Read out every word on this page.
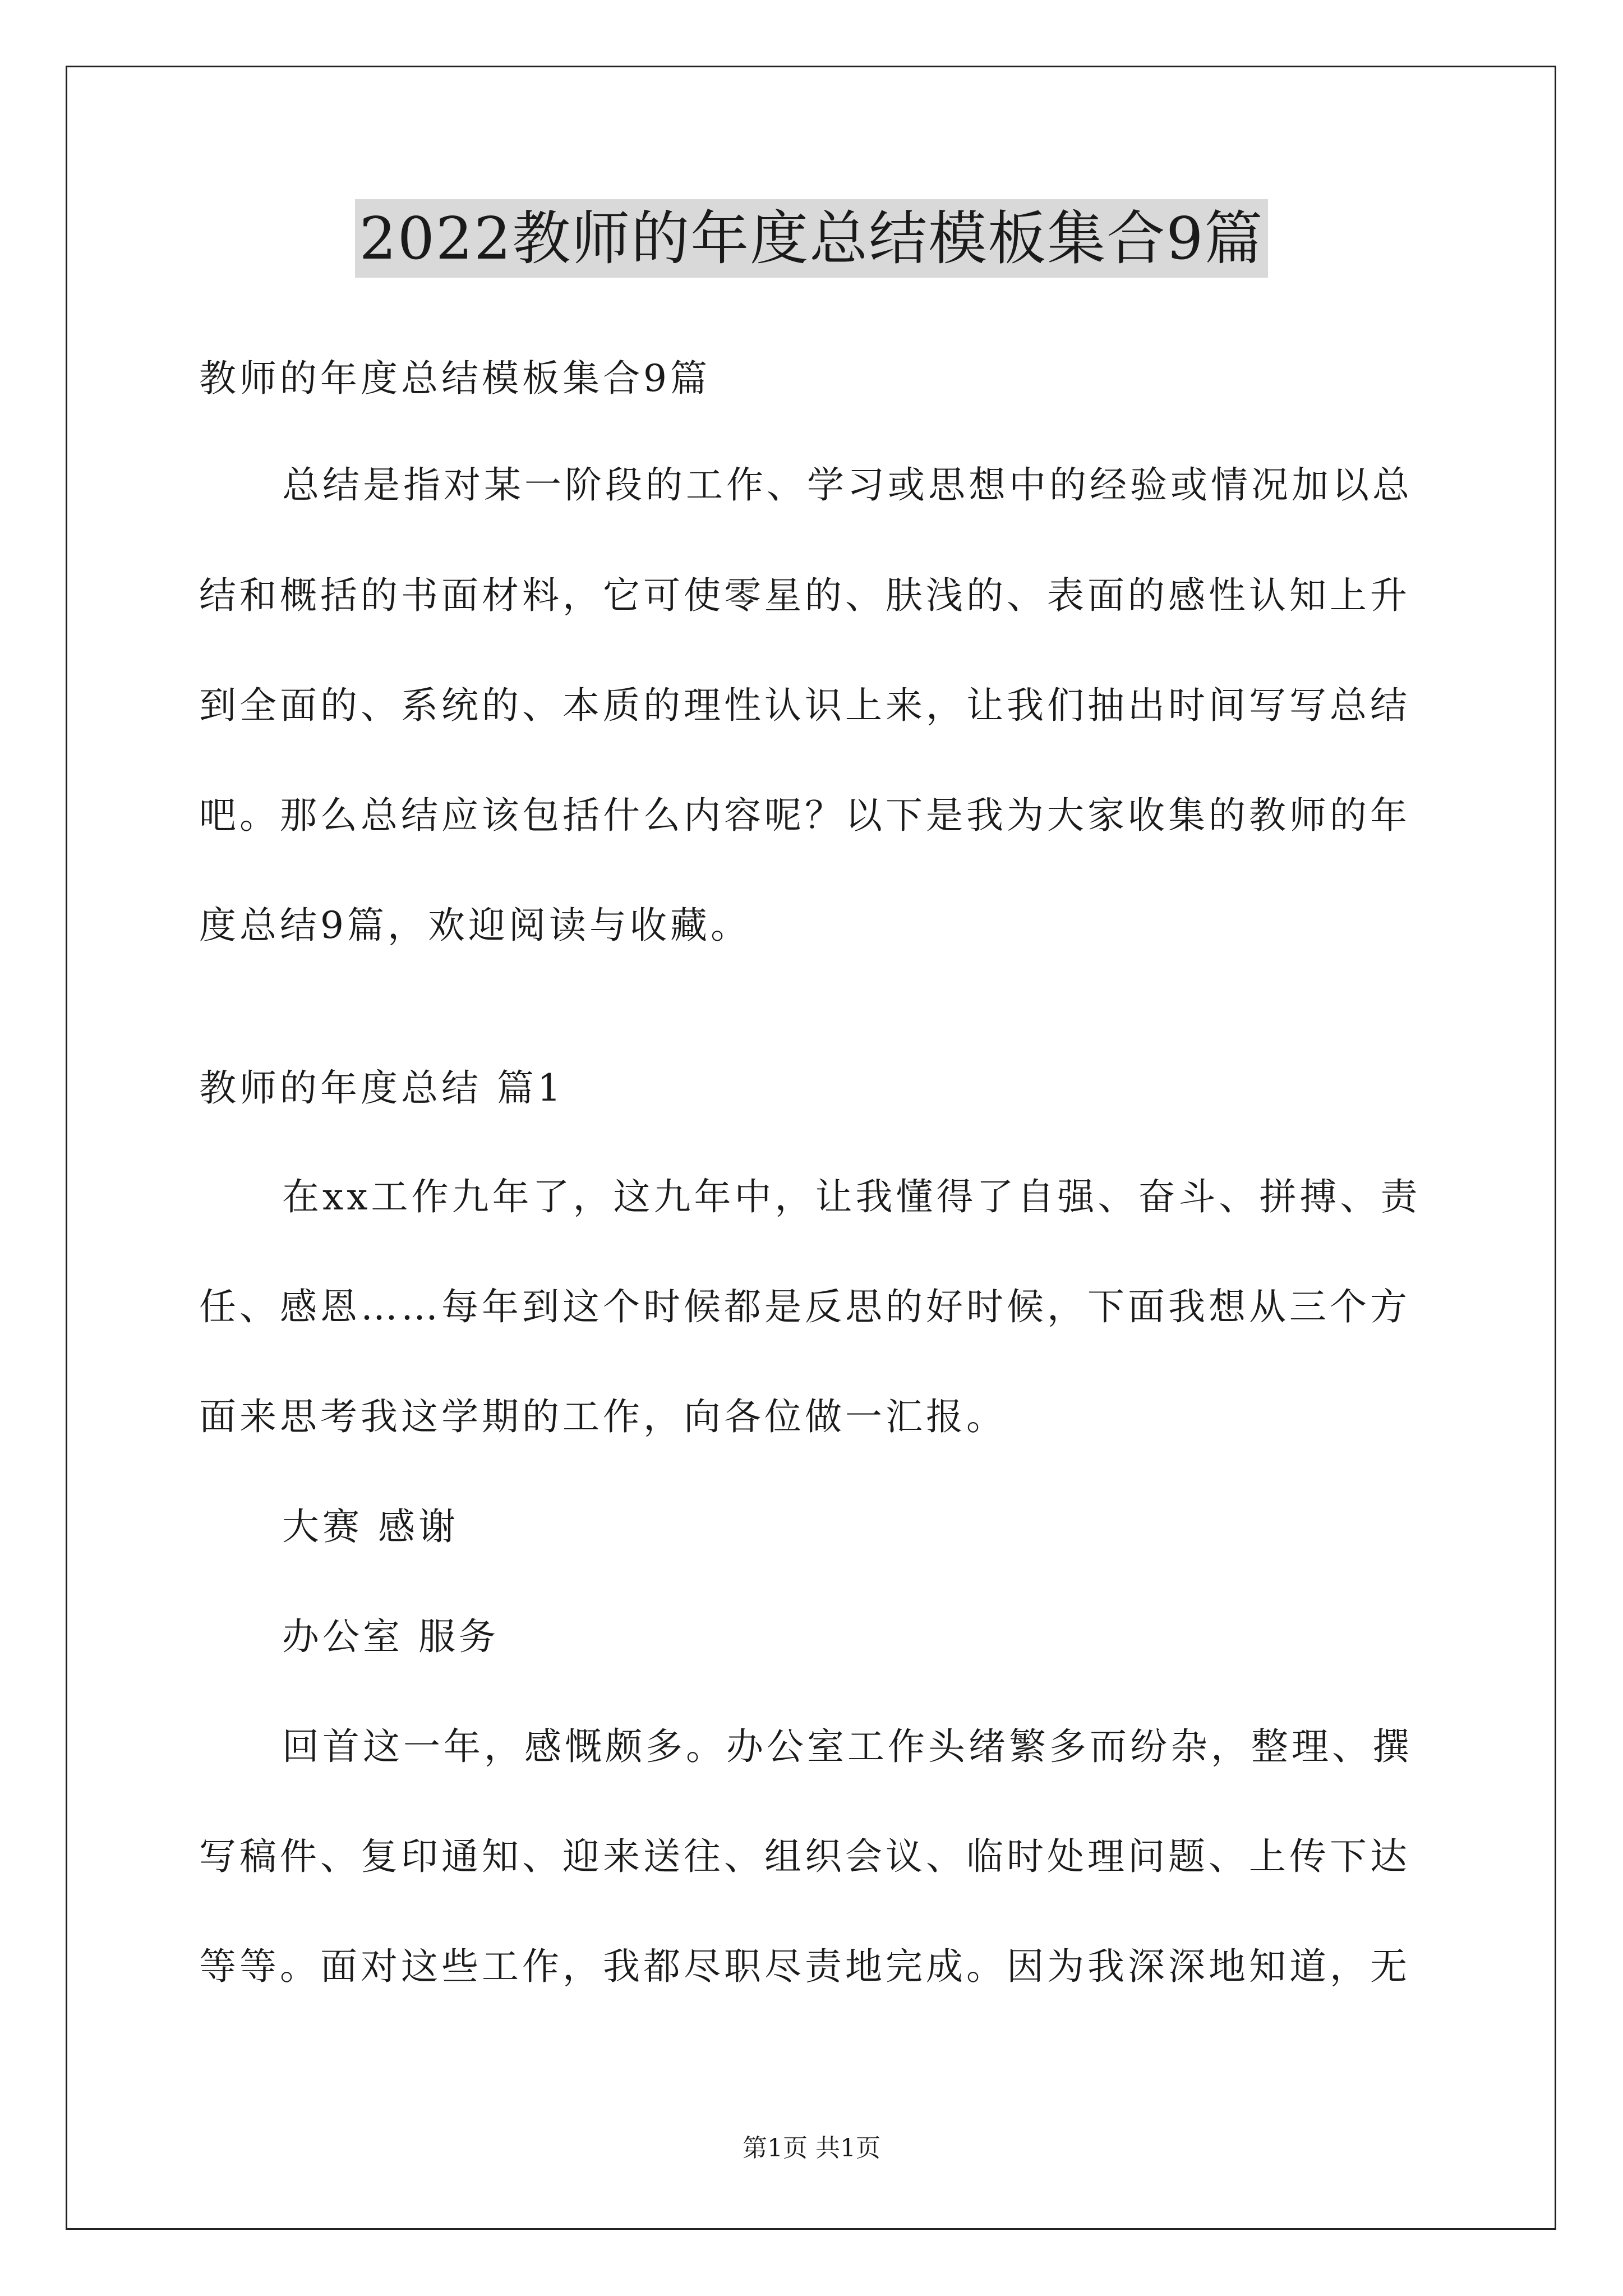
2022教师的年度总结模板集合9篇
教师的年度总结模板集合9篇
总结是指对某一阶段的工作、学习或思想中的经验或情况加以总
结和概括的书面材料，它可使零星的、肤浅的、表面的感性认知上升
到全面的、系统的、本质的理性认识上来，让我们抽出时间写写总结
吧。那么总结应该包括什么内容呢？以下是我为大家收集的教师的年
度总结9篇，欢迎阅读与收藏。
教师的年度总结 篇1
在xx工作九年了，这九年中，让我懂得了自强、奋斗、拼搏、责
任、感恩……每年到这个时候都是反思的好时候，下面我想从三个方
面来思考我这学期的工作，向各位做一汇报。
大赛 感谢
办公室 服务
回首这一年，感慨颇多。办公室工作头绪繁多而纷杂，整理、撰
写稿件、复印通知、迎来送往、组织会议、临时处理问题、上传下达
等等。面对这些工作，我都尽职尽责地完成。因为我深深地知道，无
第1页 共1页
